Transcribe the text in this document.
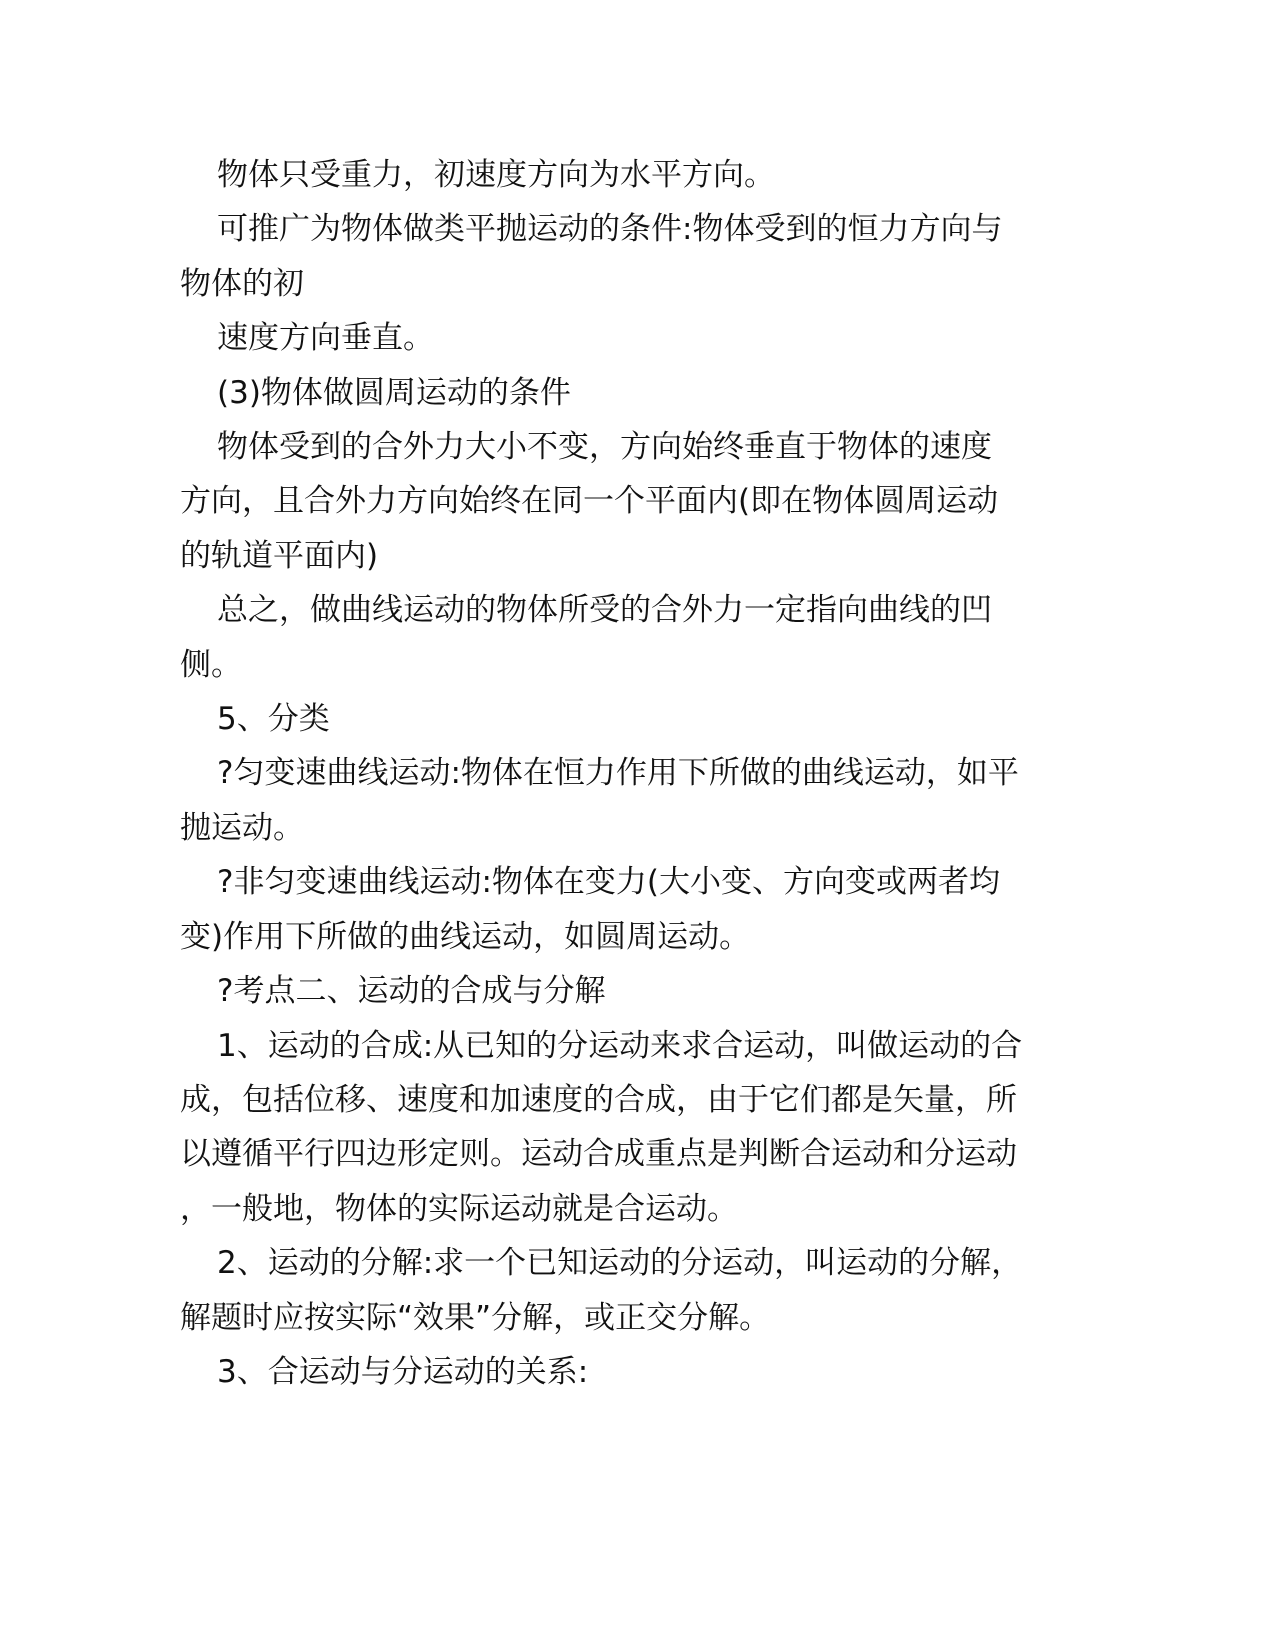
物体只受重力，初速度方向为水平方向。

可推广为物体做类平抛运动的条件:物体受到的恒力方向与
物体的初

速度方向垂直。

(3)物体做圆周运动的条件

物体受到的合外力大小不变，方向始终垂直于物体的速度
方向，且合外力方向始终在同一个平面内(即在物体圆周运动
的轨道平面内)

总之，做曲线运动的物体所受的合外力一定指向曲线的凹
侧。

5、分类

?匀变速曲线运动:物体在恒力作用下所做的曲线运动，如平
抛运动。

?非匀变速曲线运动:物体在变力(大小变、方向变或两者均
变)作用下所做的曲线运动，如圆周运动。

?考点二、运动的合成与分解

1、运动的合成:从已知的分运动来求合运动，叫做运动的合
成，包括位移、速度和加速度的合成，由于它们都是矢量，所
以遵循平行四边形定则。运动合成重点是判断合运动和分运动
，一般地，物体的实际运动就是合运动。

2、运动的分解:求一个已知运动的分运动，叫运动的分解，
解题时应按实际“效果”分解，或正交分解。

3、合运动与分运动的关系:
